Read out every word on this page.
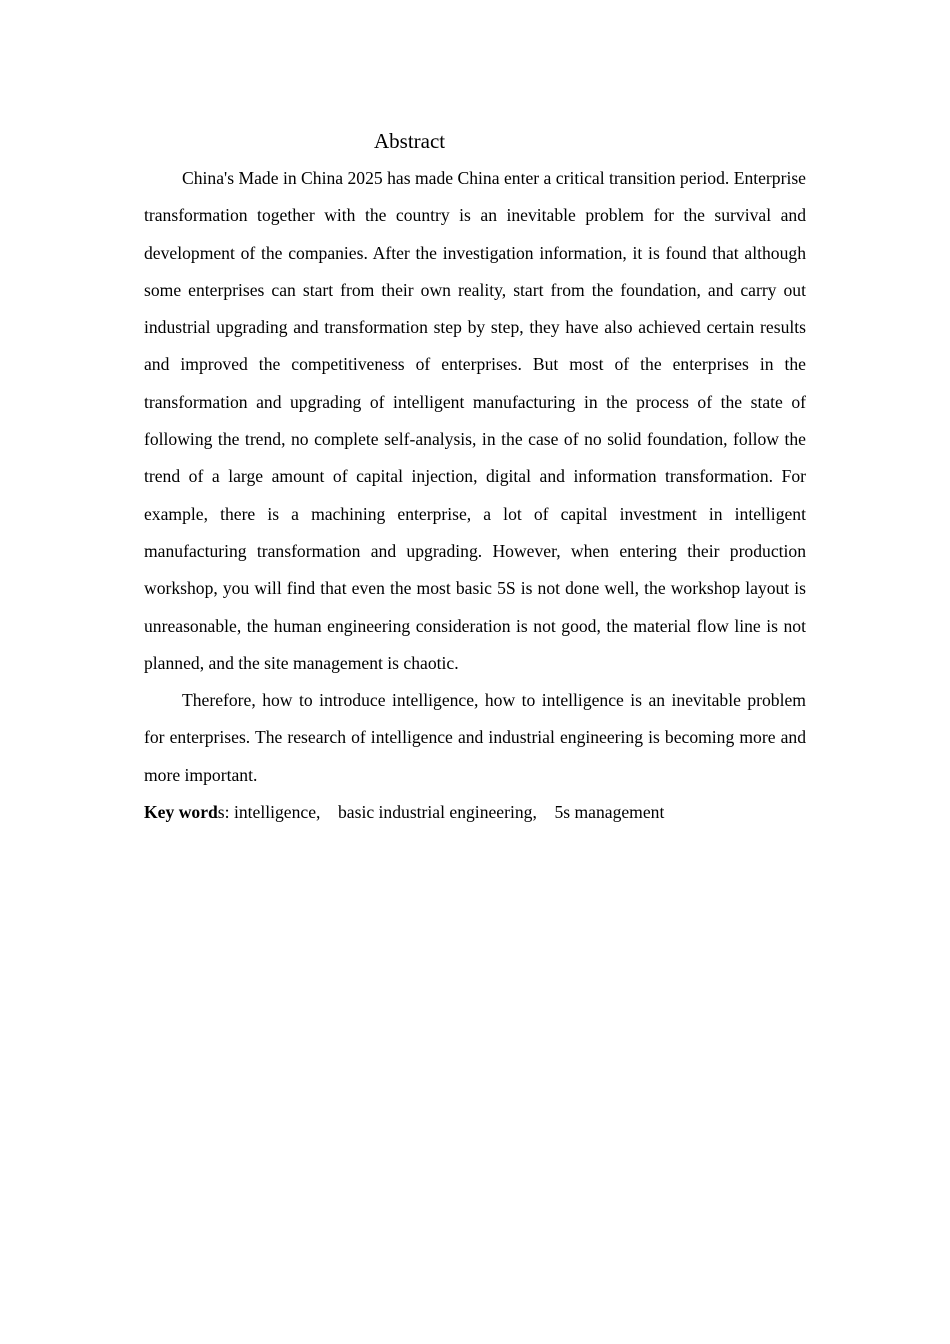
Abstract

China's Made in China 2025 has made China enter a critical transition period. Enterprise transformation together with the country is an inevitable problem for the survival and development of the companies. After the investigation information, it is found that although some enterprises can start from their own reality, start from the foundation, and carry out industrial upgrading and transformation step by step, they have also achieved certain results and improved the competitiveness of enterprises. But most of the enterprises in the transformation and upgrading of intelligent manufacturing in the process of the state of following the trend, no complete self-analysis, in the case of no solid foundation, follow the trend of a large amount of capital injection, digital and information transformation. For example, there is a machining enterprise, a lot of capital investment in intelligent manufacturing transformation and upgrading. However, when entering their production workshop, you will find that even the most basic 5S is not done well, the workshop layout is unreasonable, the human engineering consideration is not good, the material flow line is not planned, and the site management is chaotic.

Therefore, how to introduce intelligence, how to intelligence is an inevitable problem for enterprises. The research of intelligence and industrial engineering is becoming more and more important.

Key words: intelligence,    basic industrial engineering,    5s management
